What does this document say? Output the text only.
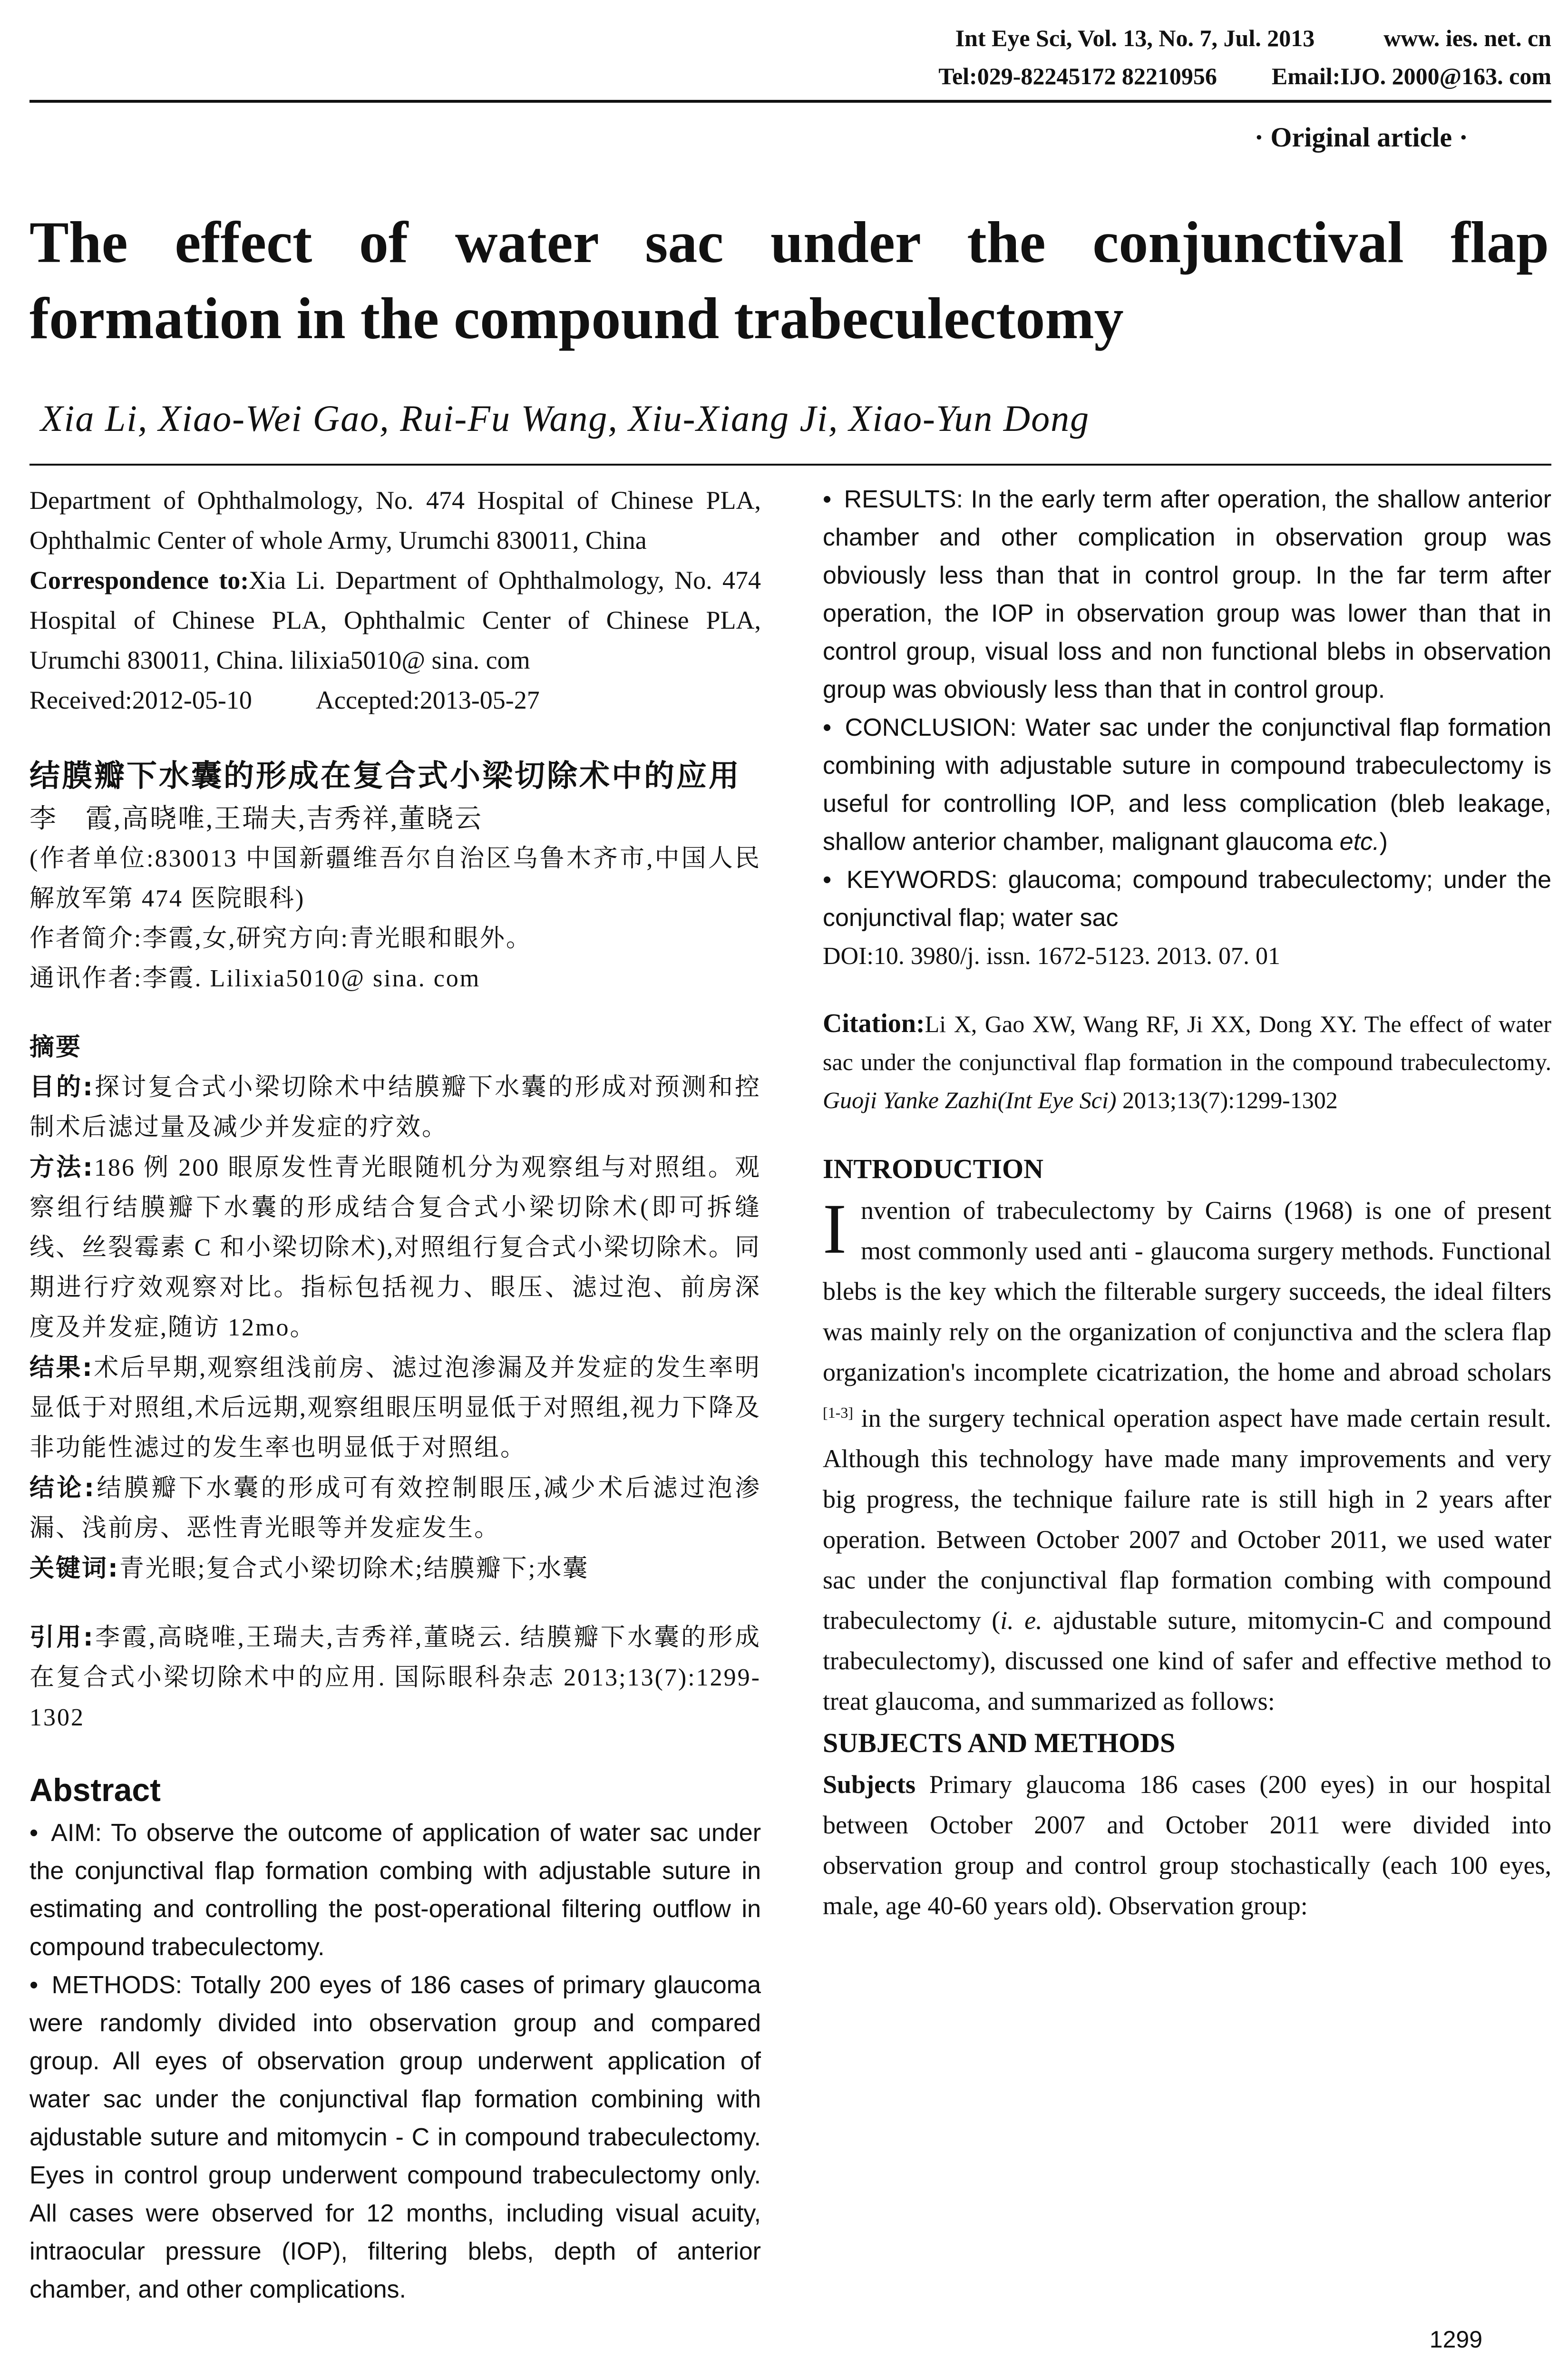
Int Eye Sci, Vol. 13, No. 7, Jul. 2013	www. ies. net. cn
Tel:029-82245172 82210956 Email:IJO. 2000@163. com
· Original article ·
The effect of water sac under the conjunctival flap formation in the compound trabeculectomy
Xia Li, Xiao-Wei Gao, Rui-Fu Wang, Xiu-Xiang Ji, Xiao-Yun Dong

Department of Ophthalmology, No. 474 Hospital of Chinese PLA, Ophthalmic Center of whole Army, Urumchi 830011, China

Correspondence to:Xia Li. Department of Ophthalmology, No. 474 Hospital of Chinese PLA, Ophthalmic Center of Chinese PLA, Urumchi 830011, China. lilixia5010@ sina. com

Received:2012-05-10 Accepted:2013-05-27

结膜瓣下水囊的形成在复合式小梁切除术中的应用

李　霞,高晓唯,王瑞夫,吉秀祥,董晓云

(作者单位:830013 中国新疆维吾尔自治区乌鲁木齐市,中国人民解放军第 474 医院眼科)

作者简介:李霞,女,研究方向:青光眼和眼外。

通讯作者:李霞. Lilixia5010@ sina. com

摘要

目的:探讨复合式小梁切除术中结膜瓣下水囊的形成对预测和控制术后滤过量及减少并发症的疗效。

方法:186 例 200 眼原发性青光眼随机分为观察组与对照组。观察组行结膜瓣下水囊的形成结合复合式小梁切除术(即可拆缝线、丝裂霉素 C 和小梁切除术),对照组行复合式小梁切除术。同期进行疗效观察对比。指标包括视力、眼压、滤过泡、前房深度及并发症,随访 12mo。

结果:术后早期,观察组浅前房、滤过泡渗漏及并发症的发生率明显低于对照组,术后远期,观察组眼压明显低于对照组,视力下降及非功能性滤过的发生率也明显低于对照组。

结论:结膜瓣下水囊的形成可有效控制眼压,减少术后滤过泡渗漏、浅前房、恶性青光眼等并发症发生。

关键词:青光眼;复合式小梁切除术;结膜瓣下;水囊

引用:李霞,高晓唯,王瑞夫,吉秀祥,董晓云. 结膜瓣下水囊的形成在复合式小梁切除术中的应用. 国际眼科杂志 2013;13(7):1299-1302

Abstract

• AIM: To observe the outcome of application of water sac under the conjunctival flap formation combing with adjustable suture in estimating and controlling the post-operational filtering outflow in compound trabeculectomy.

• METHODS: Totally 200 eyes of 186 cases of primary glaucoma were randomly divided into observation group and compared group. All eyes of observation group underwent application of water sac under the conjunctival flap formation combining with ajdustable suture and mitomycin - C in compound trabeculectomy. Eyes in control group underwent compound trabeculectomy only. All cases were observed for 12 months, including visual acuity, intraocular pressure (IOP), filtering blebs, depth of anterior chamber, and other complications.

• RESULTS: In the early term after operation, the shallow anterior chamber and other complication in observation group was obviously less than that in control group. In the far term after operation, the IOP in observation group was lower than that in control group, visual loss and non functional blebs in observation group was obviously less than that in control group.

• CONCLUSION: Water sac under the conjunctival flap formation combining with adjustable suture in compound trabeculectomy is useful for controlling IOP, and less complication (bleb leakage, shallow anterior chamber, malignant glaucoma etc.)

• KEYWORDS: glaucoma; compound trabeculectomy; under the conjunctival flap; water sac

DOI:10. 3980/j. issn. 1672-5123. 2013. 07. 01

Citation:Li X, Gao XW, Wang RF, Ji XX, Dong XY. The effect of water sac under the conjunctival flap formation in the compound trabeculectomy. Guoji Yanke Zazhi(Int Eye Sci) 2013;13(7):1299-1302

INTRODUCTION

Invention of trabeculectomy by Cairns (1968) is one of present most commonly used anti - glaucoma surgery methods. Functional blebs is the key which the filterable surgery succeeds, the ideal filters was mainly rely on the organization of conjunctiva and the sclera flap organization's incomplete cicatrization, the home and abroad scholars [1-3] in the surgery technical operation aspect have made certain result. Although this technology have made many improvements and very big progress, the technique failure rate is still high in 2 years after operation. Between October 2007 and October 2011, we used water sac under the conjunctival flap formation combing with compound trabeculectomy (i. e. ajdustable suture, mitomycin-C and compound trabeculectomy), discussed one kind of safer and effective method to treat glaucoma, and summarized as follows:

SUBJECTS AND METHODS

Subjects Primary glaucoma 186 cases (200 eyes) in our hospital between October 2007 and October 2011 were divided into observation group and control group stochastically (each 100 eyes, male, age 40-60 years old). Observation group:

1299
